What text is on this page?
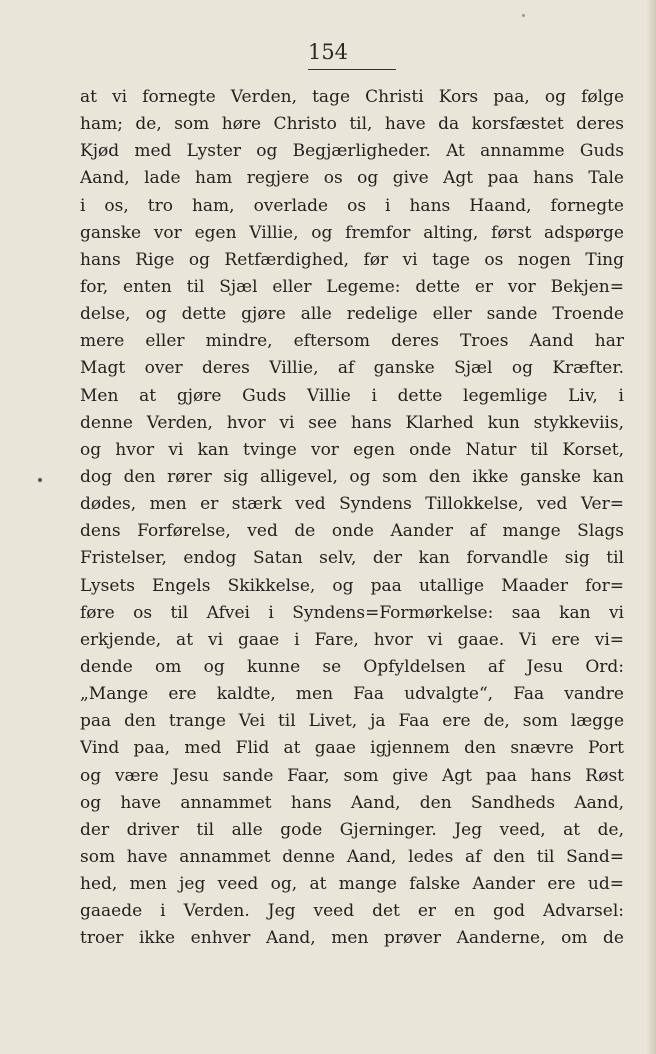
154
at vi fornegte Verden, tage Christi Kors paa, og følge
ham; de, som høre Christo til, have da korsfæstet deres
Kjød med Lyster og Begjærligheder. At annamme Guds
Aand, lade ham regjere os og give Agt paa hans Tale
i os, tro ham, overlade os i hans Haand, fornegte
ganske vor egen Villie, og fremfor alting, først adspørge
hans Rige og Retfærdighed, før vi tage os nogen Ting
for, enten til Sjæl eller Legeme: dette er vor Bekjen=
delse, og dette gjøre alle redelige eller sande Troende
mere eller mindre, eftersom deres Troes Aand har
Magt over deres Villie, af ganske Sjæl og Kræfter.
Men at gjøre Guds Villie i dette legemlige Liv, i
denne Verden, hvor vi see hans Klarhed kun stykkeviis,
og hvor vi kan tvinge vor egen onde Natur til Korset,
dog den rører sig alligevel, og som den ikke ganske kan
dødes, men er stærk ved Syndens Tillokkelse, ved Ver=
dens Forførelse, ved de onde Aander af mange Slags
Fristelser, endog Satan selv, der kan forvandle sig til
Lysets Engels Skikkelse, og paa utallige Maader for=
føre os til Afvei i Syndens=Formørkelse: saa kan vi
erkjende, at vi gaae i Fare, hvor vi gaae. Vi ere vi=
dende om og kunne se Opfyldelsen af Jesu Ord:
„Mange ere kaldte, men Faa udvalgte“, Faa vandre
paa den trange Vei til Livet, ja Faa ere de, som lægge
Vind paa, med Flid at gaae igjennem den snævre Port
og være Jesu sande Faar, som give Agt paa hans Røst
og have annammet hans Aand, den Sandheds Aand,
der driver til alle gode Gjerninger. Jeg veed, at de,
som have annammet denne Aand, ledes af den til Sand=
hed, men jeg veed og, at mange falske Aander ere ud=
gaaede i Verden. Jeg veed det er en god Advarsel:
troer ikke enhver Aand, men prøver Aanderne, om de
